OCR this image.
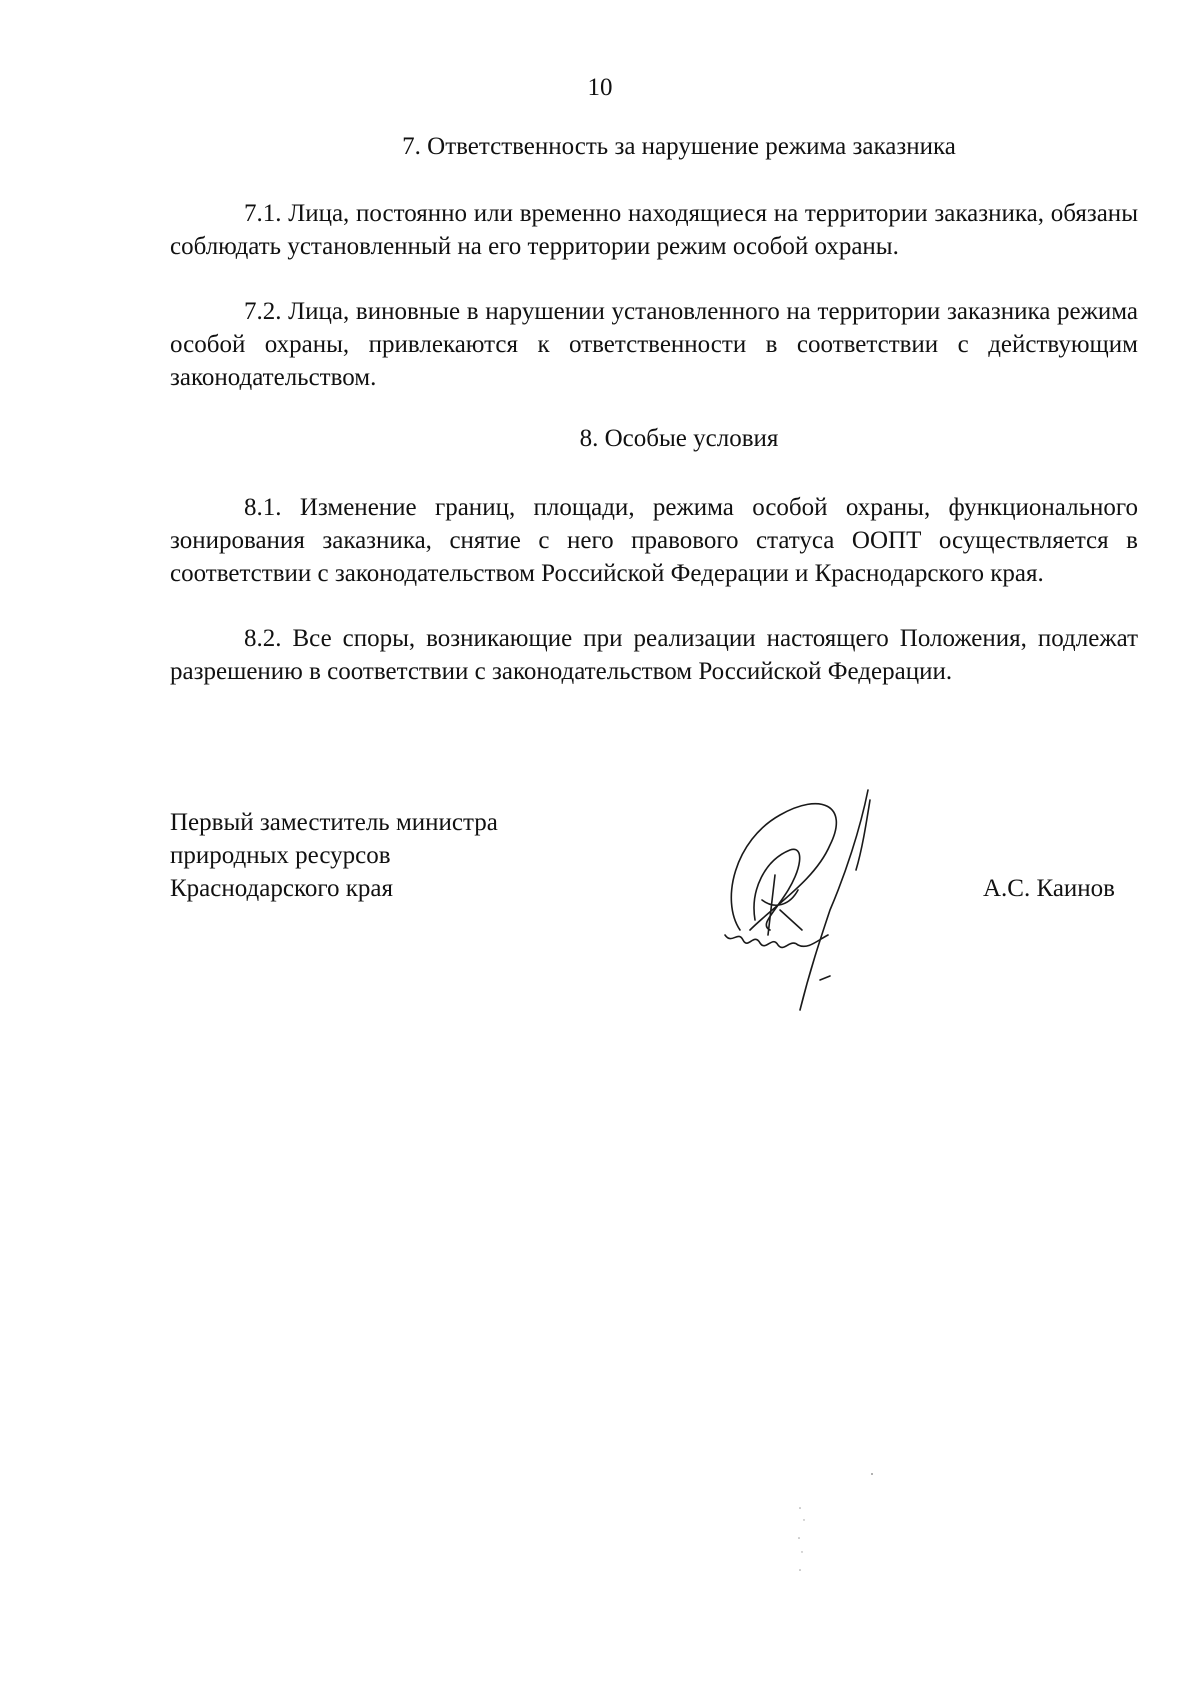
10
7. Ответственность за нарушение режима заказника

7.1. Лица, постоянно или временно находящиеся на территории заказника, обязаны соблюдать установленный на его территории режим особой охраны.

7.2. Лица, виновные в нарушении установленного на территории заказника режима особой охраны, привлекаются к ответственности в соответствии с действующим законодательством.

8. Особые условия

8.1. Изменение границ, площади, режима особой охраны, функционального зонирования заказника, снятие с него правового статуса ООПТ осуществляется в соответствии с законодательством Российской Федерации и Краснодарского края.

8.2. Все споры, возникающие при реализации настоящего Положения, подлежат разрешению в соответствии с законодательством Российской Федерации.

Первый заместитель министра
природных ресурсов
Краснодарского края	А.С. Каинов
